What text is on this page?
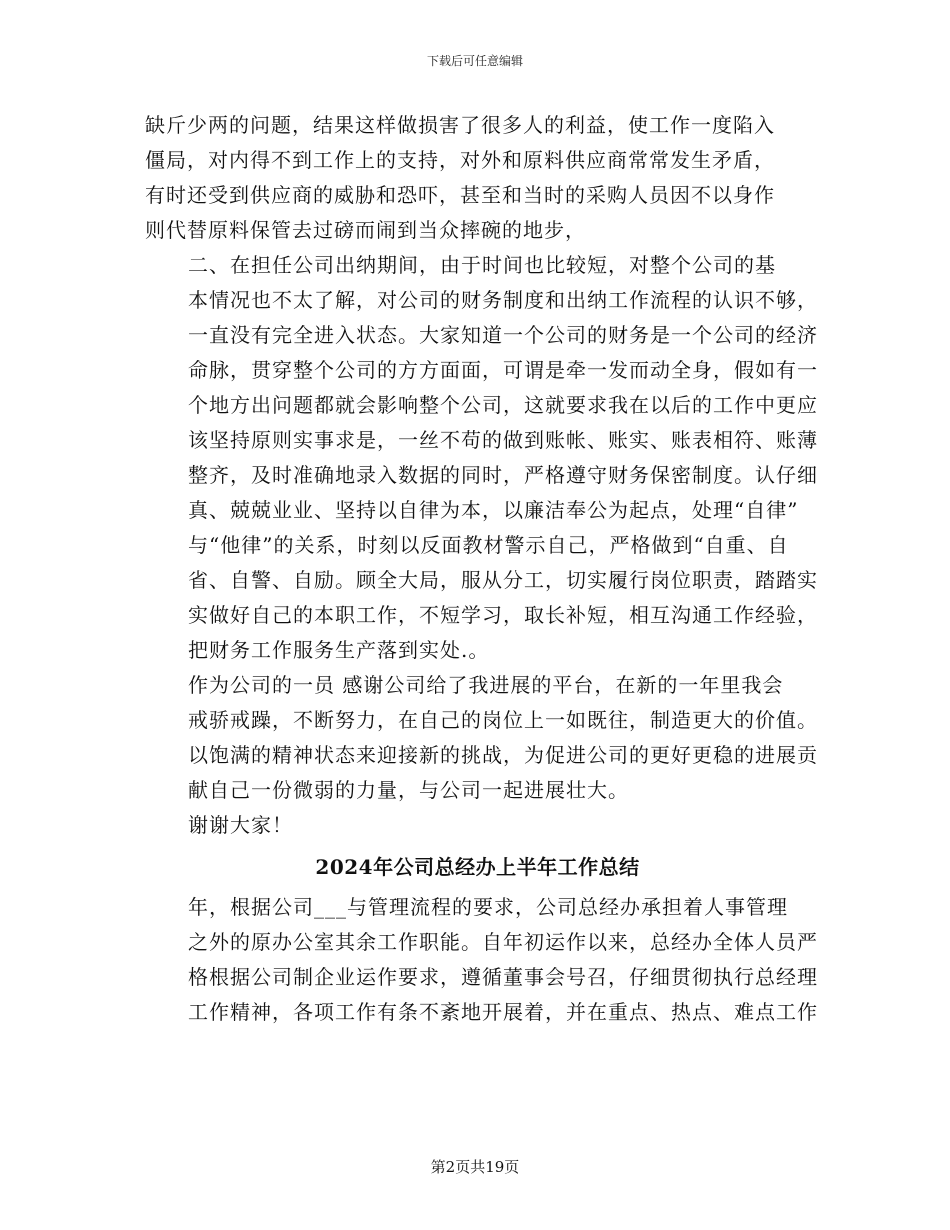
下载后可任意编辑

缺斤少两的问题，结果这样做损害了很多人的利益，使工作一度陷入
僵局，对内得不到工作上的支持，对外和原料供应商常常发生矛盾，
有时还受到供应商的威胁和恐吓，甚至和当时的采购人员因不以身作
则代替原料保管去过磅而闹到当众摔碗的地步，

二、在担任公司出纳期间，由于时间也比较短，对整个公司的基
本情况也不太了解，对公司的财务制度和出纳工作流程的认识不够，
一直没有完全进入状态。大家知道一个公司的财务是一个公司的经济
命脉，贯穿整个公司的方方面面，可谓是牵一发而动全身，假如有一
个地方出问题都就会影响整个公司，这就要求我在以后的工作中更应
该坚持原则实事求是，一丝不苟的做到账帐、账实、账表相符、账薄
整齐，及时准确地录入数据的同时，严格遵守财务保密制度。认仔细
真、兢兢业业、坚持以自律为本，以廉洁奉公为起点，处理“自律”
与“他律”的关系，时刻以反面教材警示自己，严格做到“自重、自
省、自警、自励。顾全大局，服从分工，切实履行岗位职责，踏踏实
实做好自己的本职工作，不短学习，取长补短，相互沟通工作经验，
把财务工作服务生产落到实处.。

作为公司的一员 感谢公司给了我进展的平台，在新的一年里我会
戒骄戒躁，不断努力，在自己的岗位上一如既往，制造更大的价值。
以饱满的精神状态来迎接新的挑战，为促进公司的更好更稳的进展贡
献自己一份微弱的力量，与公司一起进展壮大。

谢谢大家！

2024年公司总经办上半年工作总结

年，根据公司___与管理流程的要求，公司总经办承担着人事管理
之外的原办公室其余工作职能。自年初运作以来，总经办全体人员严
格根据公司制企业运作要求，遵循董事会号召，仔细贯彻执行总经理
工作精神，各项工作有条不紊地开展着，并在重点、热点、难点工作

第2页共19页
